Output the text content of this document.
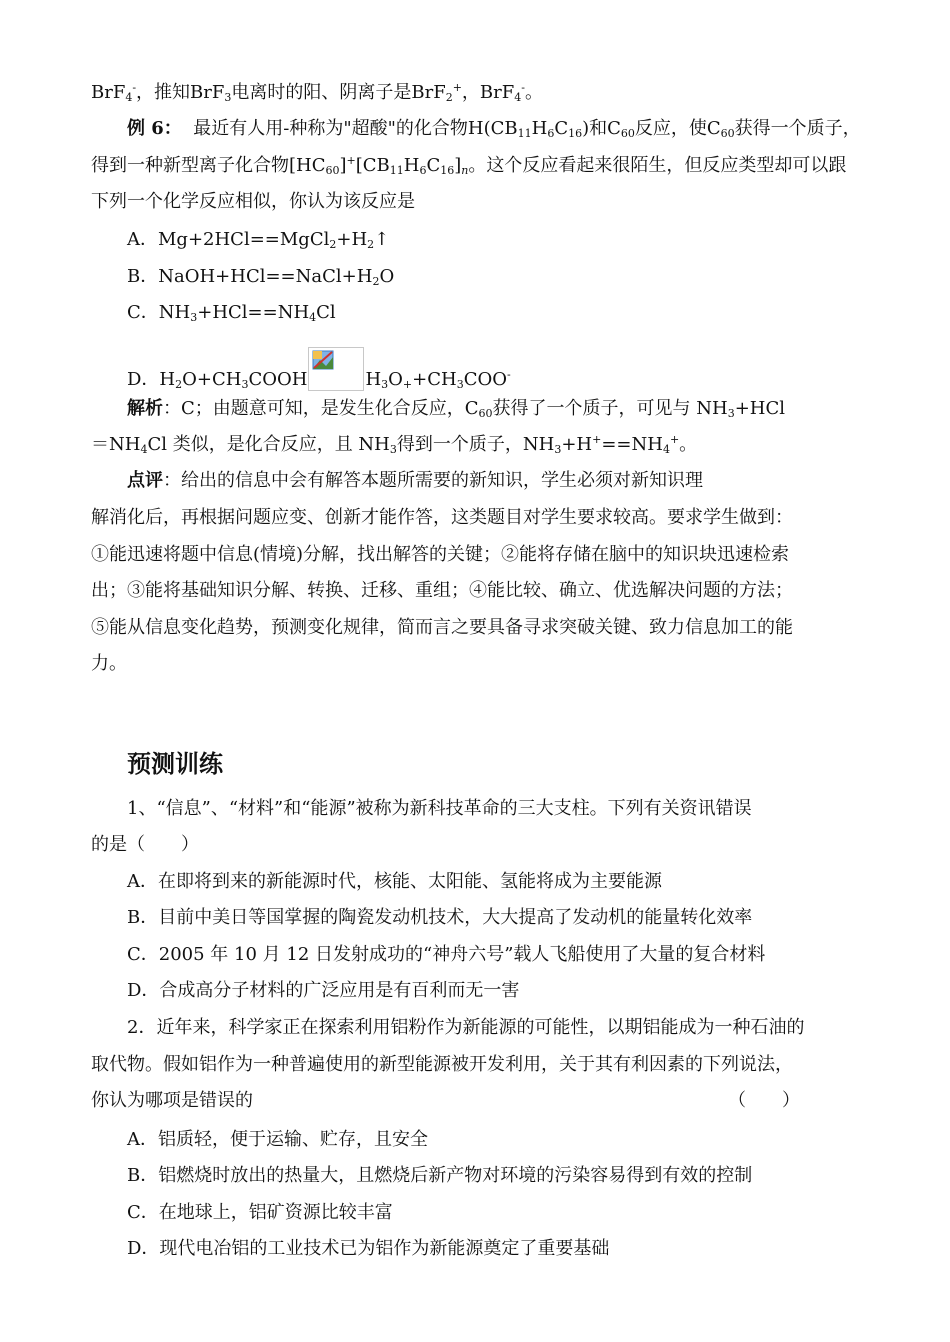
BrF$_4$-，推知BrF$_3$电离时的阳、阴离子是BrF$_2$+，BrF$_4$-。
例 6： 最近有人用-种称为"超酸"的化合物$H(CB_{11}H_6C_{16})$和$C_{60}$反应，使$C_{60}$获得一个质子，
得到一种新型离子化合物$[HC_{60}]^+[CB_{11}H_6C_{16}]_n$。这个反应看起来很陌生，但反应类型却可以跟
下列一个化学反应相似，你认为该反应是
A．$Mg+2HCl==MgCl_2+H_2↑$
B．$NaOH+HCl==NaCl+H_2O$
C．$NH_3+HCl==NH_4Cl$
D．$H_2O+CH_3COOH$	$H_3O_++CH_3COO^-$
解析：C；由题意可知，是发生化合反应，$C_{60}$获得了一个质子，可见与 $NH_3+HCl$
$=NH_4Cl$ 类似，是化合反应，且 $NH_3$得到一个质子，$NH_3+H^+==NH_4^+$。
点评：给出的信息中会有解答本题所需要的新知识，学生必须对新知识理
解消化后，再根据问题应变、创新才能作答，这类题目对学生要求较高。要求学生做到：
①能迅速将题中信息(情境)分解，找出解答的关键；②能将存储在脑中的知识块迅速检索
出；③能将基础知识分解、转换、迁移、重组；④能比较、确立、优选解决问题的方法；
⑤能从信息变化趋势，预测变化规律，简而言之要具备寻求突破关键、致力信息加工的能
力。
预测训练
1、“信息”、“材料”和“能源”被称为新科技革命的三大支柱。下列有关资讯错误
的是（　　）
A．在即将到来的新能源时代，核能、太阳能、氢能将成为主要能源
B．目前中美日等国掌握的陶瓷发动机技术，大大提高了发动机的能量转化效率
C．2005 年 10 月 12 日发射成功的“神舟六号”载人飞船使用了大量的复合材料
D．合成高分子材料的广泛应用是有百利而无一害
2．近年来，科学家正在探索利用铝粉作为新能源的可能性，以期铝能成为一种石油的
取代物。假如铝作为一种普遍使用的新型能源被开发利用，关于其有利因素的下列说法，
你认为哪项是错误的	（　　）
A．铝质轻，便于运输、贮存，且安全
B．铝燃烧时放出的热量大，且燃烧后新产物对环境的污染容易得到有效的控制
C．在地球上，铝矿资源比较丰富
D．现代电冶铝的工业技术已为铝作为新能源奠定了重要基础
